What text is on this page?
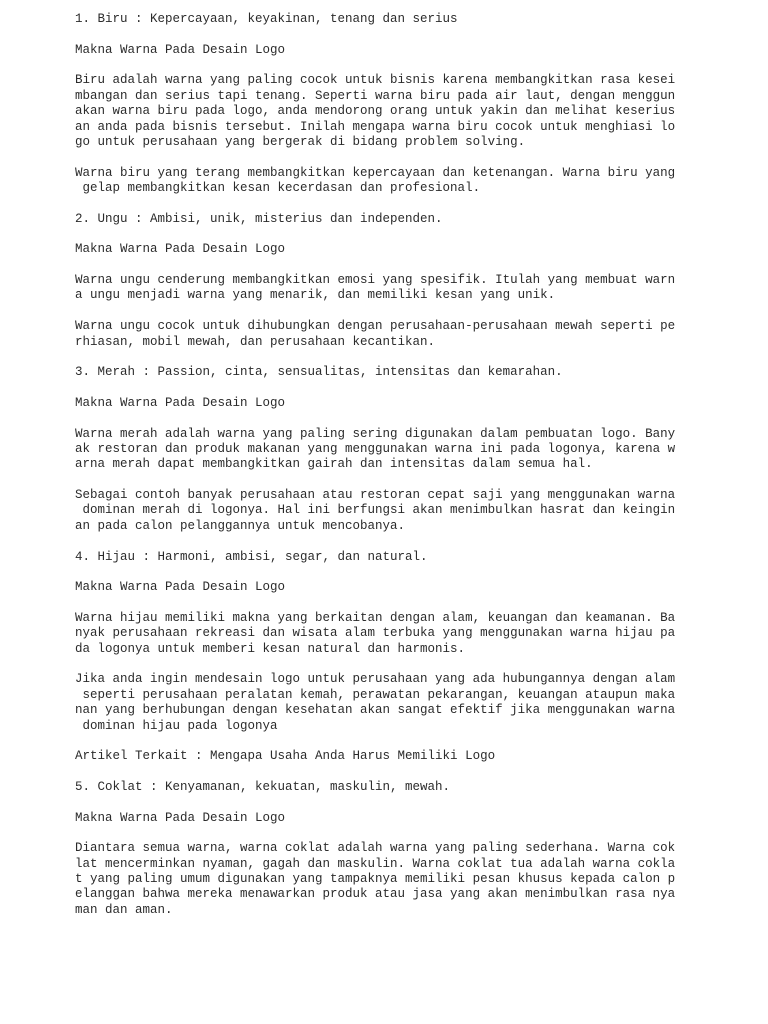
1. Biru : Kepercayaan, keyakinan, tenang dan serius
Makna Warna Pada Desain Logo
Biru adalah warna yang paling cocok untuk bisnis karena membangkitkan rasa kesei
mbangan dan serius tapi tenang. Seperti warna biru pada air laut, dengan menggun
akan warna biru pada logo, anda mendorong orang untuk yakin dan melihat keserius
an anda pada bisnis tersebut. Inilah mengapa warna biru cocok untuk menghiasi lo
go untuk perusahaan yang bergerak di bidang problem solving.
Warna biru yang terang membangkitkan kepercayaan dan ketenangan. Warna biru yang
gelap membangkitkan kesan kecerdasan dan profesional.
2. Ungu : Ambisi, unik, misterius dan independen.
Makna Warna Pada Desain Logo
Warna ungu cenderung membangkitkan emosi yang spesifik. Itulah yang membuat warn
a ungu menjadi warna yang menarik, dan memiliki kesan yang unik.
Warna ungu cocok untuk dihubungkan dengan perusahaan-perusahaan mewah seperti pe
rhiasan, mobil mewah, dan perusahaan kecantikan.
3. Merah : Passion, cinta, sensualitas, intensitas dan kemarahan.
Makna Warna Pada Desain Logo
Warna merah adalah warna yang paling sering digunakan dalam pembuatan logo. Bany
ak restoran dan produk makanan yang menggunakan warna ini pada logonya, karena w
arna merah dapat membangkitkan gairah dan intensitas dalam semua hal.
Sebagai contoh banyak perusahaan atau restoran cepat saji yang menggunakan warna
dominan merah di logonya. Hal ini berfungsi akan menimbulkan hasrat dan keingin
an pada calon pelanggannya untuk mencobanya.
4. Hijau : Harmoni, ambisi, segar, dan natural.
Makna Warna Pada Desain Logo
Warna hijau memiliki makna yang berkaitan dengan alam, keuangan dan keamanan. Ba
nyak perusahaan rekreasi dan wisata alam terbuka yang menggunakan warna hijau pa
da logonya untuk memberi kesan natural dan harmonis.
Jika anda ingin mendesain logo untuk perusahaan yang ada hubungannya dengan alam
seperti perusahaan peralatan kemah, perawatan pekarangan, keuangan ataupun maka
nan yang berhubungan dengan kesehatan akan sangat efektif jika menggunakan warna
dominan hijau pada logonya
Artikel Terkait : Mengapa Usaha Anda Harus Memiliki Logo
5. Coklat : Kenyamanan, kekuatan, maskulin, mewah.
Makna Warna Pada Desain Logo
Diantara semua warna, warna coklat adalah warna yang paling sederhana. Warna cok
lat mencerminkan nyaman, gagah dan maskulin. Warna coklat tua adalah warna cokla
t yang paling umum digunakan yang tampaknya memiliki pesan khusus kepada calon p
elanggan bahwa mereka menawarkan produk atau jasa yang akan menimbulkan rasa nya
man dan aman.
